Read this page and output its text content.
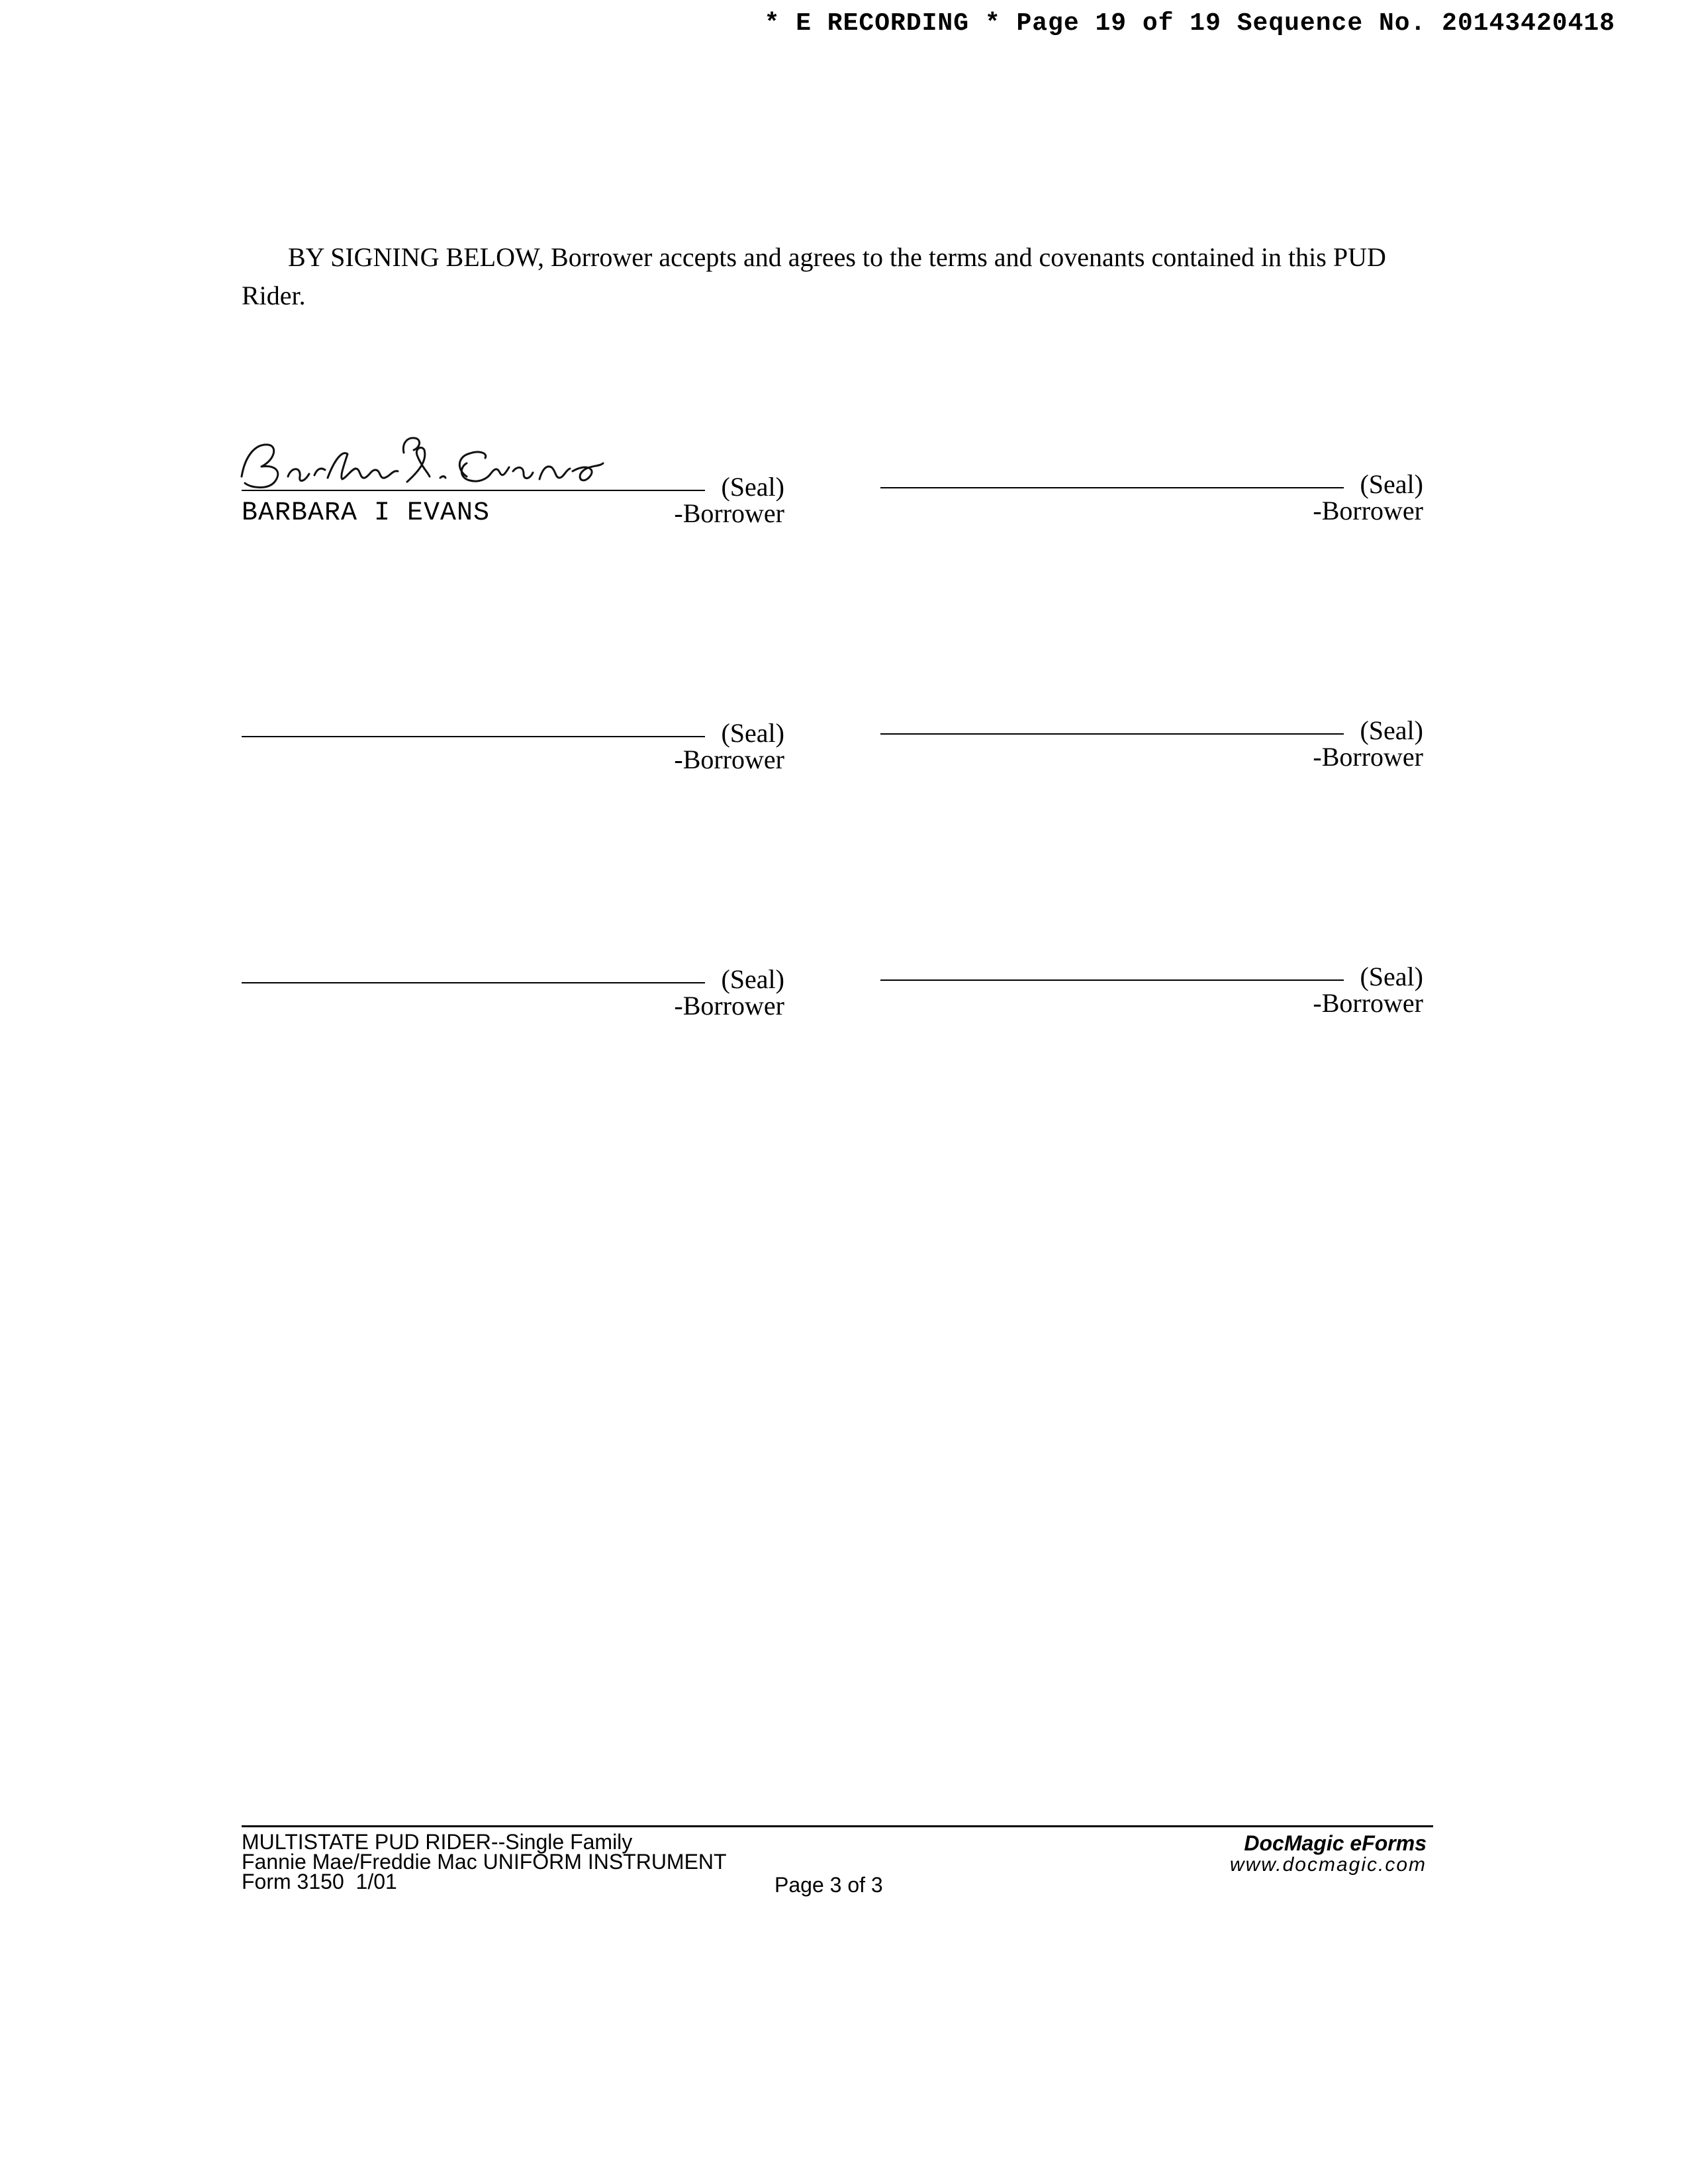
* E RECORDING * Page 19 of 19 Sequence No. 20143420418

BY SIGNING BELOW, Borrower accepts and agrees to the terms and covenants contained in this PUD Rider.

(Seal)
BARBARA I EVANS	-Borrower
(Seal)
-Borrower
(Seal)
-Borrower
(Seal)
-Borrower
(Seal)
-Borrower
(Seal)
-Borrower
MULTISTATE PUD RIDER--Single Family
Fannie Mae/Freddie Mac UNIFORM INSTRUMENT
Form 3150  1/01	Page 3 of 3
DocMagic eForms
www.docmagic.com
